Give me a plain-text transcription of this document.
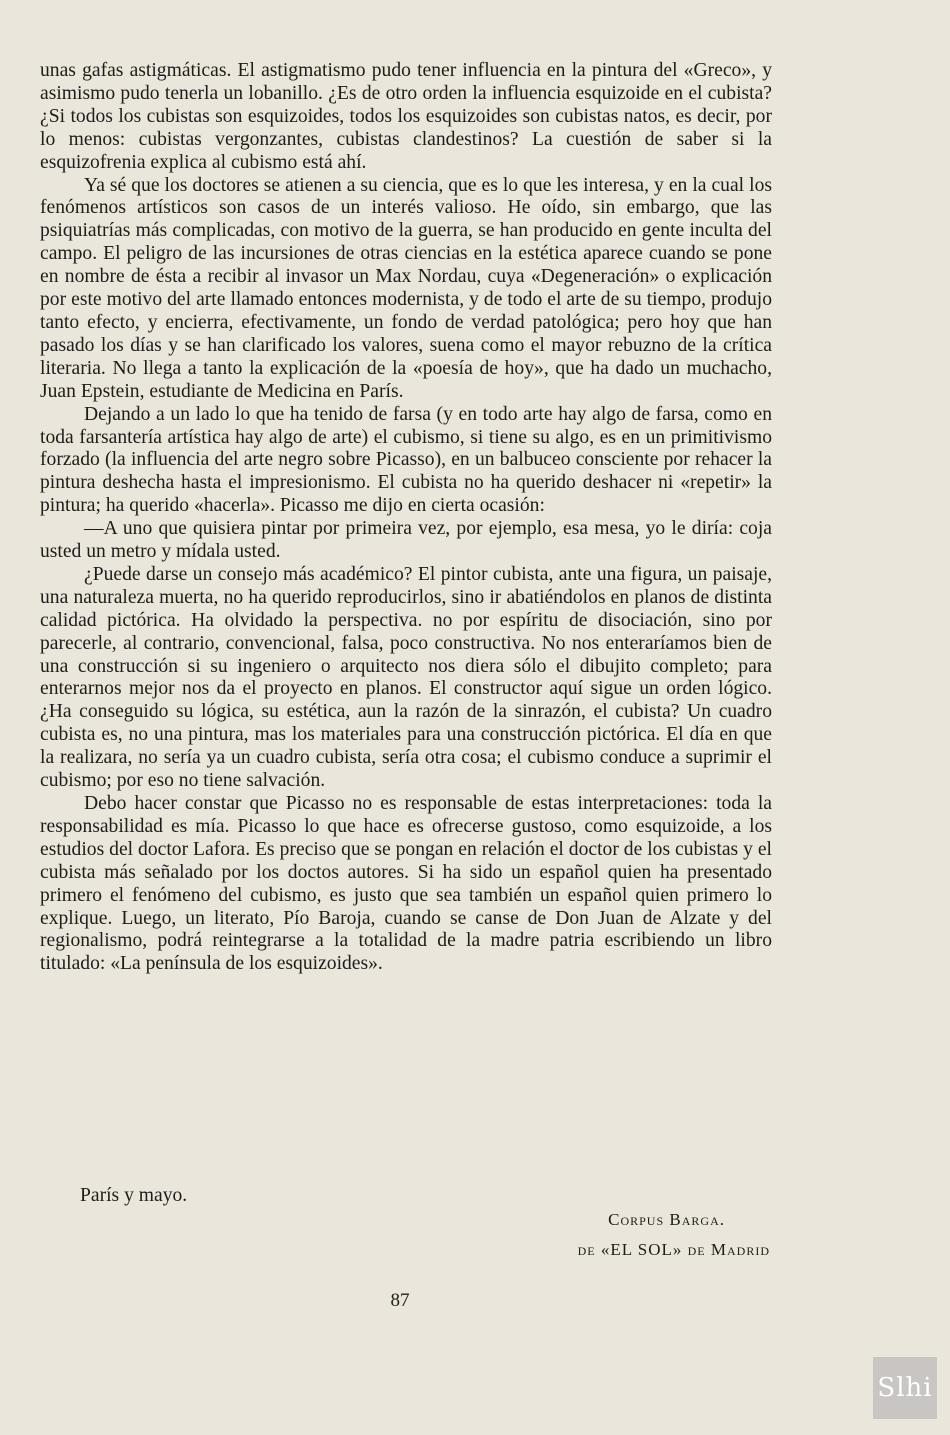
unas gafas astigmáticas. El astigmatismo pudo tener influencia en la pintura del «Greco», y asimismo pudo tenerla un lobanillo. ¿Es de otro orden la influencia esquizoide en el cubista? ¿Si todos los cubistas son esquizoides, todos los esquizoides son cubistas natos, es decir, por lo menos: cubistas vergonzantes, cubistas clandestinos? La cuestión de saber si la esquizofrenia explica al cubismo está ahí.

Ya sé que los doctores se atienen a su ciencia, que es lo que les interesa, y en la cual los fenómenos artísticos son casos de un interés valioso. He oído, sin embargo, que las psiquiatrías más complicadas, con motivo de la guerra, se han producido en gente inculta del campo. El peligro de las incursiones de otras ciencias en la estética aparece cuando se pone en nombre de ésta a recibir al invasor un Max Nordau, cuya «Degeneración» o explicación por este motivo del arte llamado entonces modernista, y de todo el arte de su tiempo, produjo tanto efecto, y encierra, efectivamente, un fondo de verdad patológica; pero hoy que han pasado los días y se han clarificado los valores, suena como el mayor rebuzno de la crítica literaria. No llega a tanto la explicación de la «poesía de hoy», que ha dado un muchacho, Juan Epstein, estudiante de Medicina en París.

Dejando a un lado lo que ha tenido de farsa (y en todo arte hay algo de farsa, como en toda farsantería artística hay algo de arte) el cubismo, si tiene su algo, es en un primitivismo forzado (la influencia del arte negro sobre Picasso), en un balbuceo consciente por rehacer la pintura deshecha hasta el impresionismo. El cubista no ha querido deshacer ni «repetir» la pintura; ha querido «hacerla». Picasso me dijo en cierta ocasión:

—A uno que quisiera pintar por primeira vez, por ejemplo, esa mesa, yo le diría: coja usted un metro y mídala usted.

¿Puede darse un consejo más académico? El pintor cubista, ante una figura, un paisaje, una naturaleza muerta, no ha querido reproducirlos, sino ir abatiéndolos en planos de distinta calidad pictórica. Ha olvidado la perspectiva. no por espíritu de disociación, sino por parecerle, al contrario, convencional, falsa, poco constructiva. No nos enteraríamos bien de una construcción si su ingeniero o arquitecto nos diera sólo el dibujito completo; para enterarnos mejor nos da el proyecto en planos. El constructor aquí sigue un orden lógico. ¿Ha conseguido su lógica, su estética, aun la razón de la sinrazón, el cubista? Un cuadro cubista es, no una pintura, mas los materiales para una construcción pictórica. El día en que la realizara, no sería ya un cuadro cubista, sería otra cosa; el cubismo conduce a suprimir el cubismo; por eso no tiene salvación.

Debo hacer constar que Picasso no es responsable de estas interpretaciones: toda la responsabilidad es mía. Picasso lo que hace es ofrecerse gustoso, como esquizoide, a los estudios del doctor Lafora. Es preciso que se pongan en relación el doctor de los cubistas y el cubista más señalado por los doctos autores. Si ha sido un español quien ha presentado primero el fenómeno del cubismo, es justo que sea también un español quien primero lo explique. Luego, un literato, Pío Baroja, cuando se canse de Don Juan de Alzate y del regionalismo, podrá reintegrarse a la totalidad de la madre patria escribiendo un libro titulado: «La península de los esquizoides».

París y mayo.
Corpus Barga.
de «EL SOL» de Madrid
87
Slhi
